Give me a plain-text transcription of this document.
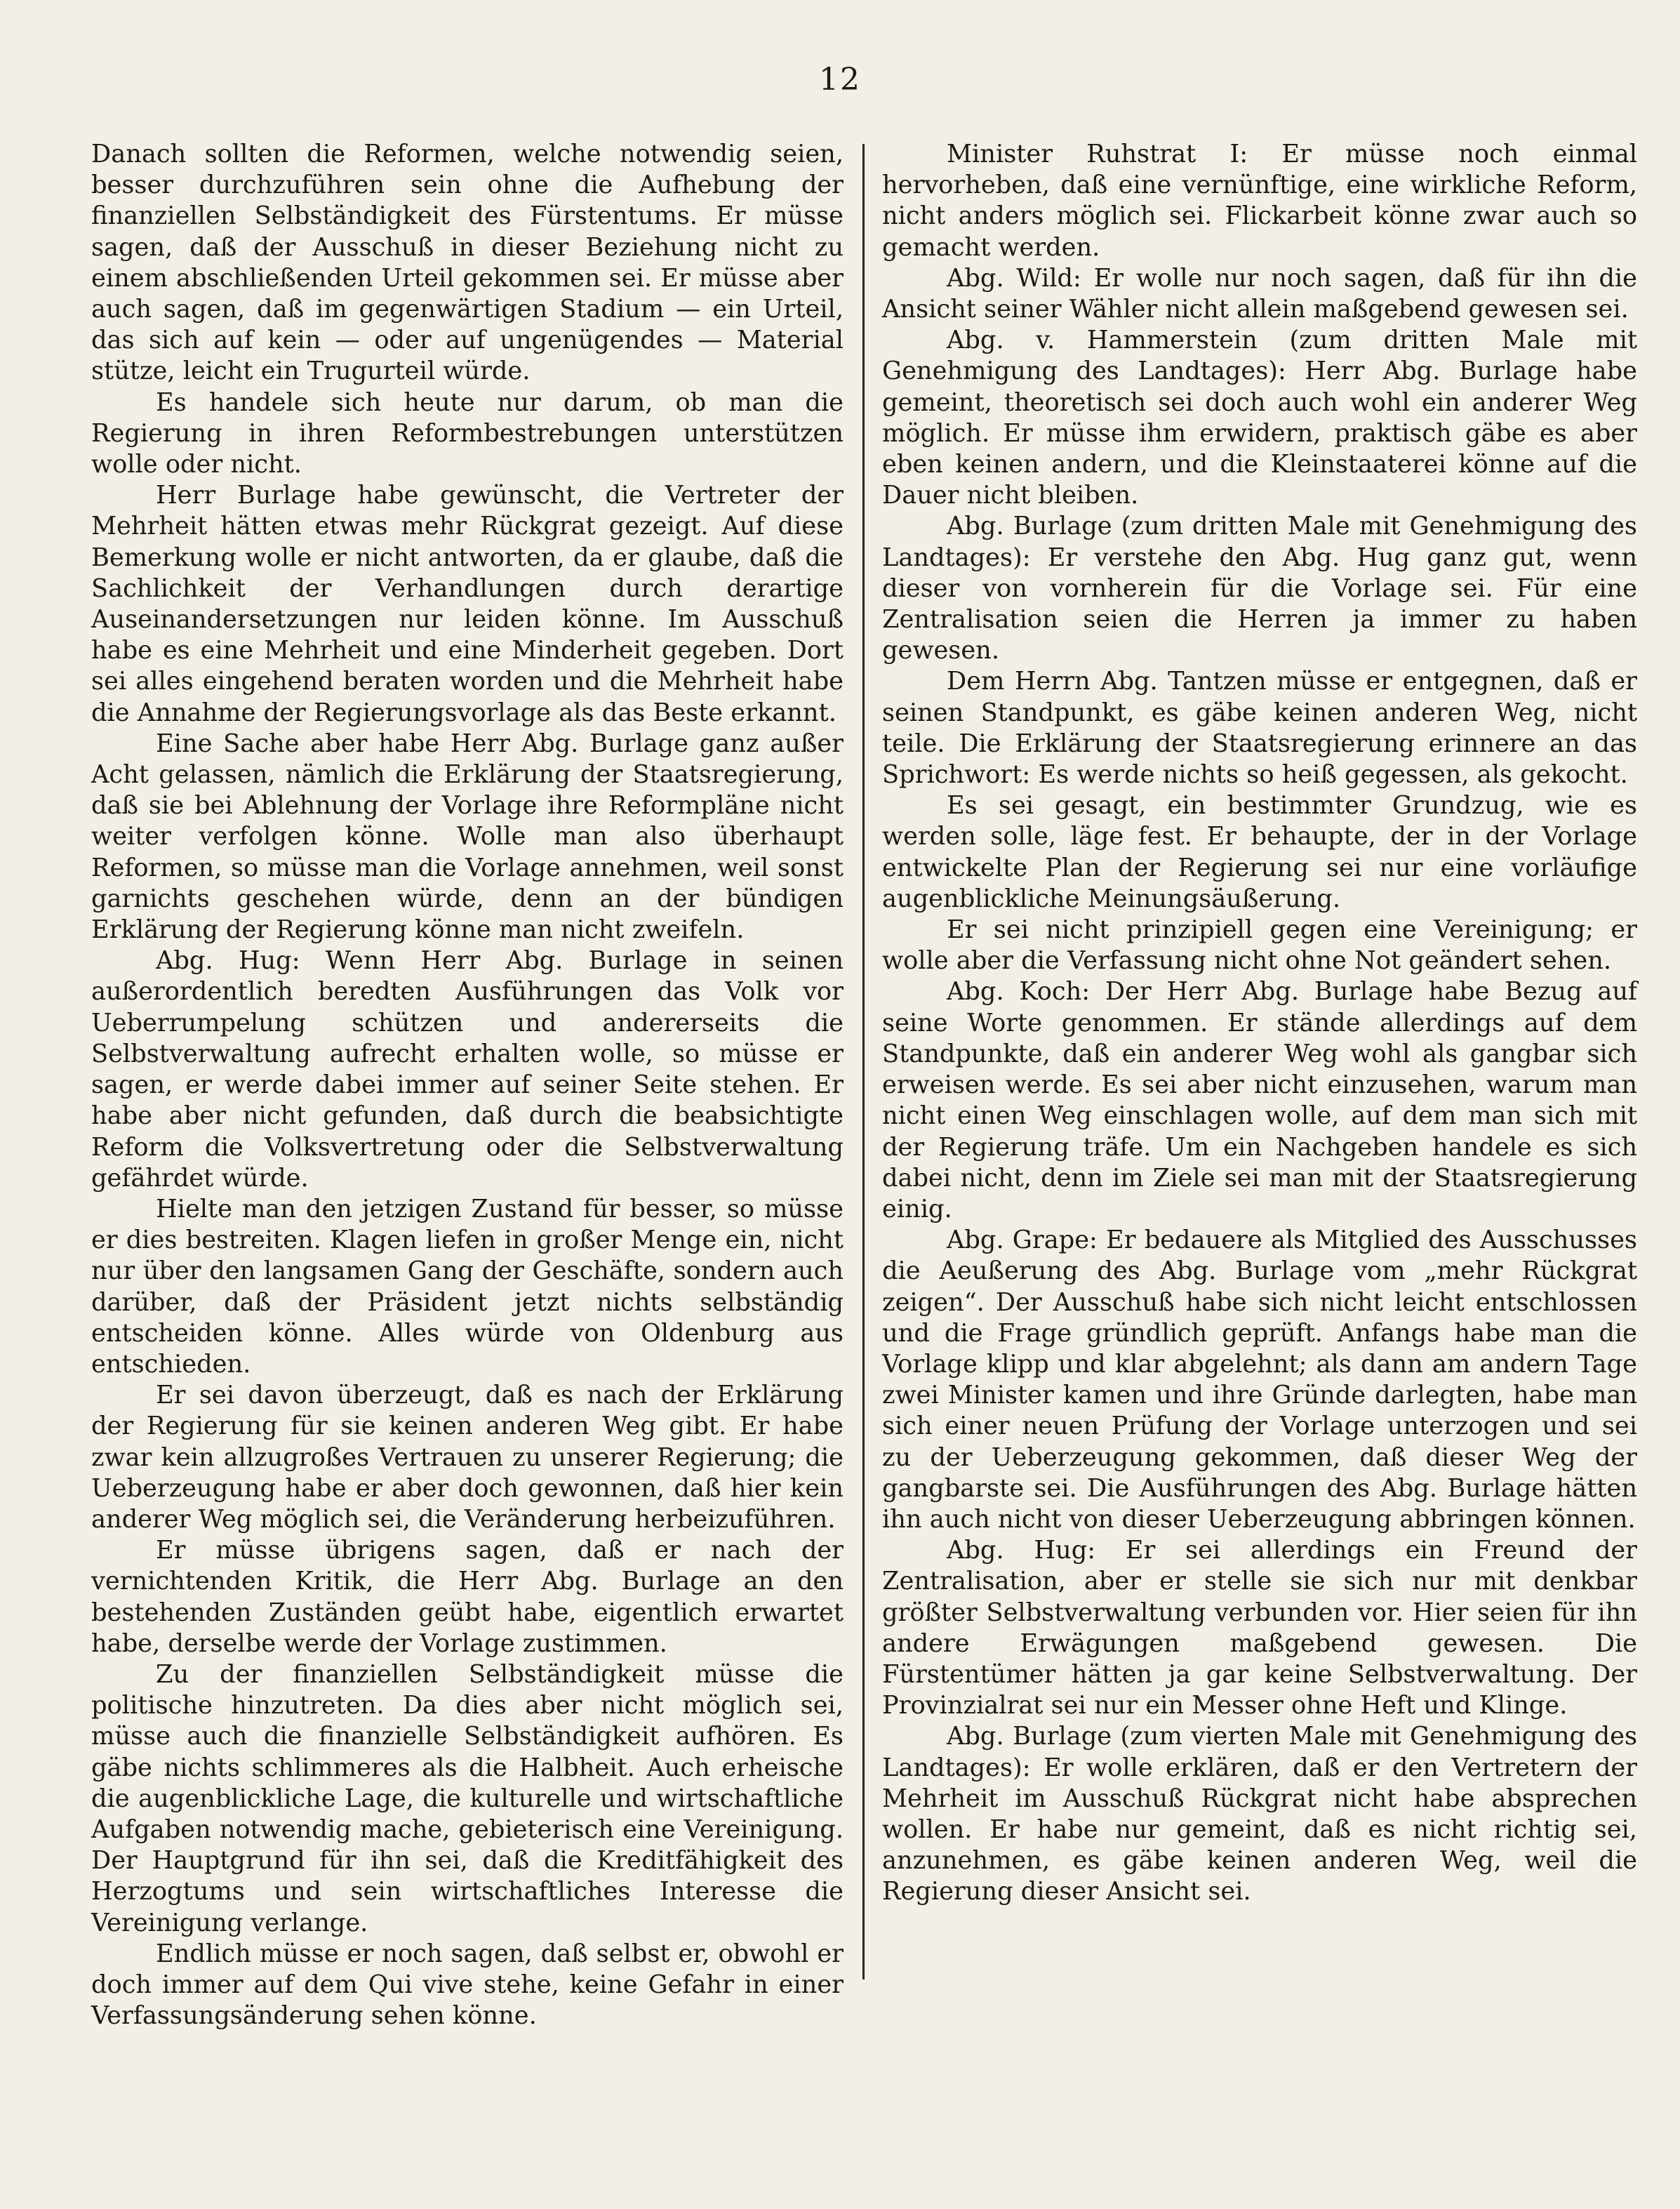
12

Danach sollten die Reformen, welche notwendig seien, besser durchzuführen sein ohne die Aufhebung der finanziellen Selbständigkeit des Fürstentums. Er müsse sagen, daß der Ausschuß in dieser Beziehung nicht zu einem abschließenden Urteil gekommen sei. Er müsse aber auch sagen, daß im gegenwärtigen Stadium — ein Urteil, das sich auf kein — oder auf ungenügendes — Material stütze, leicht ein Trugurteil würde.

Es handele sich heute nur darum, ob man die Regierung in ihren Reformbestrebungen unterstützen wolle oder nicht.

Herr Burlage habe gewünscht, die Vertreter der Mehrheit hätten etwas mehr Rückgrat gezeigt. Auf diese Bemerkung wolle er nicht antworten, da er glaube, daß die Sachlichkeit der Verhandlungen durch derartige Auseinandersetzungen nur leiden könne. Im Ausschuß habe es eine Mehrheit und eine Minderheit gegeben. Dort sei alles eingehend beraten worden und die Mehrheit habe die Annahme der Regierungsvorlage als das Beste erkannt.

Eine Sache aber habe Herr Abg. Burlage ganz außer Acht gelassen, nämlich die Erklärung der Staatsregierung, daß sie bei Ablehnung der Vorlage ihre Reformpläne nicht weiter verfolgen könne. Wolle man also überhaupt Reformen, so müsse man die Vorlage annehmen, weil sonst garnichts geschehen würde, denn an der bündigen Erklärung der Regierung könne man nicht zweifeln.

Abg. Hug: Wenn Herr Abg. Burlage in seinen außerordentlich beredten Ausführungen das Volk vor Ueberrumpelung schützen und andererseits die Selbstverwaltung aufrecht erhalten wolle, so müsse er sagen, er werde dabei immer auf seiner Seite stehen. Er habe aber nicht gefunden, daß durch die beabsichtigte Reform die Volksvertretung oder die Selbstverwaltung gefährdet würde.

Hielte man den jetzigen Zustand für besser, so müsse er dies bestreiten. Klagen liefen in großer Menge ein, nicht nur über den langsamen Gang der Geschäfte, sondern auch darüber, daß der Präsident jetzt nichts selbständig entscheiden könne. Alles würde von Oldenburg aus entschieden.

Er sei davon überzeugt, daß es nach der Erklärung der Regierung für sie keinen anderen Weg gibt. Er habe zwar kein allzugroßes Vertrauen zu unserer Regierung; die Ueberzeugung habe er aber doch gewonnen, daß hier kein anderer Weg möglich sei, die Veränderung herbeizuführen.

Er müsse übrigens sagen, daß er nach der vernichtenden Kritik, die Herr Abg. Burlage an den bestehenden Zuständen geübt habe, eigentlich erwartet habe, derselbe werde der Vorlage zustimmen.

Zu der finanziellen Selbständigkeit müsse die politische hinzutreten. Da dies aber nicht möglich sei, müsse auch die finanzielle Selbständigkeit aufhören. Es gäbe nichts schlimmeres als die Halbheit. Auch erheische die augenblickliche Lage, die kulturelle und wirtschaftliche Aufgaben notwendig mache, gebieterisch eine Vereinigung. Der Hauptgrund für ihn sei, daß die Kreditfähigkeit des Herzogtums und sein wirtschaftliches Interesse die Vereinigung verlange.

Endlich müsse er noch sagen, daß selbst er, obwohl er doch immer auf dem Qui vive stehe, keine Gefahr in einer Verfassungsänderung sehen könne.

Minister Ruhstrat I: Er müsse noch einmal hervorheben, daß eine vernünftige, eine wirkliche Reform, nicht anders möglich sei. Flickarbeit könne zwar auch so gemacht werden.

Abg. Wild: Er wolle nur noch sagen, daß für ihn die Ansicht seiner Wähler nicht allein maßgebend gewesen sei.

Abg. v. Hammerstein (zum dritten Male mit Genehmigung des Landtages): Herr Abg. Burlage habe gemeint, theoretisch sei doch auch wohl ein anderer Weg möglich. Er müsse ihm erwidern, praktisch gäbe es aber eben keinen andern, und die Kleinstaaterei könne auf die Dauer nicht bleiben.

Abg. Burlage (zum dritten Male mit Genehmigung des Landtages): Er verstehe den Abg. Hug ganz gut, wenn dieser von vornherein für die Vorlage sei. Für eine Zentralisation seien die Herren ja immer zu haben gewesen.

Dem Herrn Abg. Tantzen müsse er entgegnen, daß er seinen Standpunkt, es gäbe keinen anderen Weg, nicht teile. Die Erklärung der Staatsregierung erinnere an das Sprichwort: Es werde nichts so heiß gegessen, als gekocht.

Es sei gesagt, ein bestimmter Grundzug, wie es werden solle, läge fest. Er behaupte, der in der Vorlage entwickelte Plan der Regierung sei nur eine vorläufige augenblickliche Meinungsäußerung.

Er sei nicht prinzipiell gegen eine Vereinigung; er wolle aber die Verfassung nicht ohne Not geändert sehen.

Abg. Koch: Der Herr Abg. Burlage habe Bezug auf seine Worte genommen. Er stände allerdings auf dem Standpunkte, daß ein anderer Weg wohl als gangbar sich erweisen werde. Es sei aber nicht einzusehen, warum man nicht einen Weg einschlagen wolle, auf dem man sich mit der Regierung träfe. Um ein Nachgeben handele es sich dabei nicht, denn im Ziele sei man mit der Staatsregierung einig.

Abg. Grape: Er bedauere als Mitglied des Ausschusses die Aeußerung des Abg. Burlage vom „mehr Rückgrat zeigen“. Der Ausschuß habe sich nicht leicht entschlossen und die Frage gründlich geprüft. Anfangs habe man die Vorlage klipp und klar abgelehnt; als dann am andern Tage zwei Minister kamen und ihre Gründe darlegten, habe man sich einer neuen Prüfung der Vorlage unterzogen und sei zu der Ueberzeugung gekommen, daß dieser Weg der gangbarste sei. Die Ausführungen des Abg. Burlage hätten ihn auch nicht von dieser Ueberzeugung abbringen können.

Abg. Hug: Er sei allerdings ein Freund der Zentralisation, aber er stelle sie sich nur mit denkbar größter Selbstverwaltung verbunden vor. Hier seien für ihn andere Erwägungen maßgebend gewesen. Die Fürstentümer hätten ja gar keine Selbstverwaltung. Der Provinzialrat sei nur ein Messer ohne Heft und Klinge.

Abg. Burlage (zum vierten Male mit Genehmigung des Landtages): Er wolle erklären, daß er den Vertretern der Mehrheit im Ausschuß Rückgrat nicht habe absprechen wollen. Er habe nur gemeint, daß es nicht richtig sei, anzunehmen, es gäbe keinen anderen Weg, weil die Regierung dieser Ansicht sei.
